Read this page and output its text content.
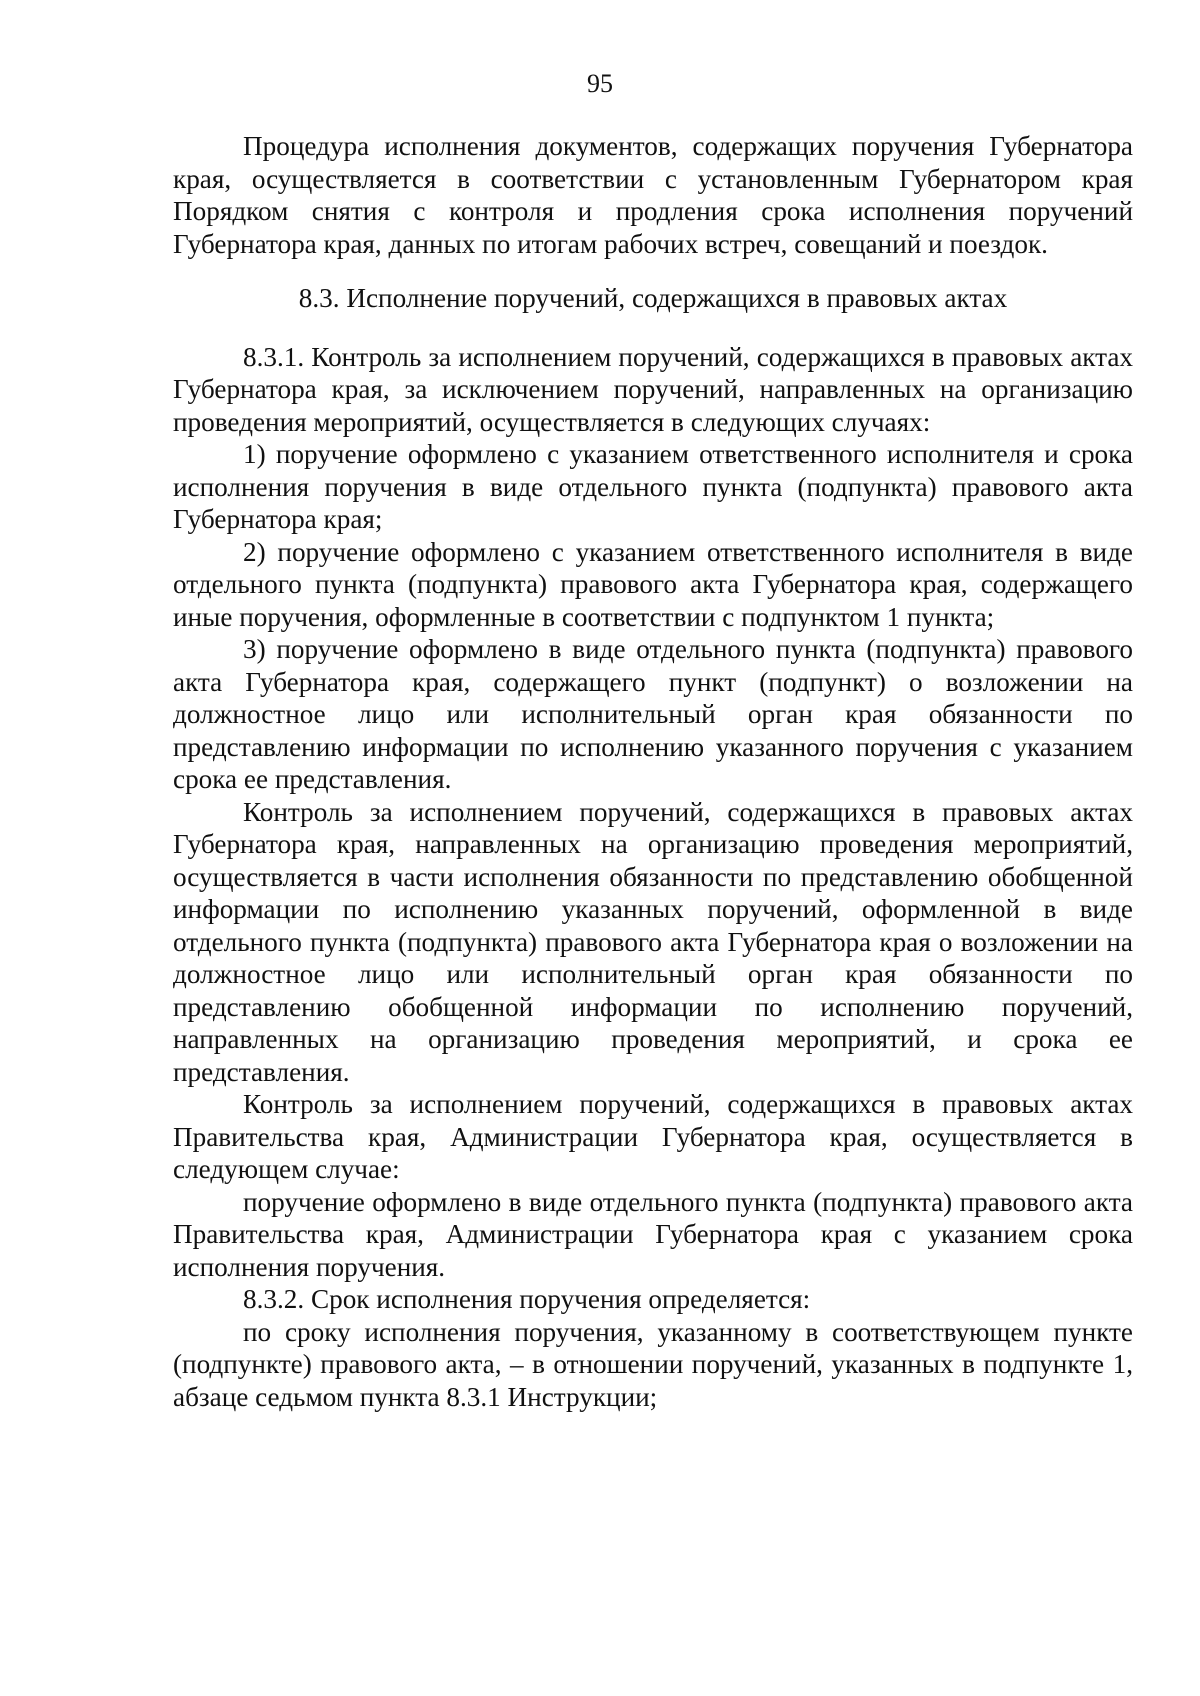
95

Процедура исполнения документов, содержащих поручения Губернатора края, осуществляется в соответствии с установленным Губернатором края Порядком снятия с контроля и продления срока исполнения поручений Губернатора края, данных по итогам рабочих встреч, совещаний и поездок.

8.3. Исполнение поручений, содержащихся в правовых актах

8.3.1. Контроль за исполнением поручений, содержащихся в правовых актах Губернатора края, за исключением поручений, направленных на организацию проведения мероприятий, осуществляется в следующих случаях:

1) поручение оформлено с указанием ответственного исполнителя и срока исполнения поручения в виде отдельного пункта (подпункта) правового акта Губернатора края;

2) поручение оформлено с указанием ответственного исполнителя в виде отдельного пункта (подпункта) правового акта Губернатора края, содержащего иные поручения, оформленные в соответствии с подпунктом 1 пункта;

3) поручение оформлено в виде отдельного пункта (подпункта) правового акта Губернатора края, содержащего пункт (подпункт) о возложении на должностное лицо или исполнительный орган края обязанности по представлению информации по исполнению указанного поручения с указанием срока ее представления.

Контроль за исполнением поручений, содержащихся в правовых актах Губернатора края, направленных на организацию проведения мероприятий, осуществляется в части исполнения обязанности по представлению обобщенной информации по исполнению указанных поручений, оформленной в виде отдельного пункта (подпункта) правового акта Губернатора края о возложении на должностное лицо или исполнительный орган края обязанности по представлению обобщенной информации по исполнению поручений, направленных на организацию проведения мероприятий, и срока ее представления.

Контроль за исполнением поручений, содержащихся в правовых актах Правительства края, Администрации Губернатора края, осуществляется в следующем случае:

поручение оформлено в виде отдельного пункта (подпункта) правового акта Правительства края, Администрации Губернатора края с указанием срока исполнения поручения.

8.3.2. Срок исполнения поручения определяется:

по сроку исполнения поручения, указанному в соответствующем пункте (подпункте) правового акта, – в отношении поручений, указанных в подпункте 1, абзаце седьмом пункта 8.3.1 Инструкции;
